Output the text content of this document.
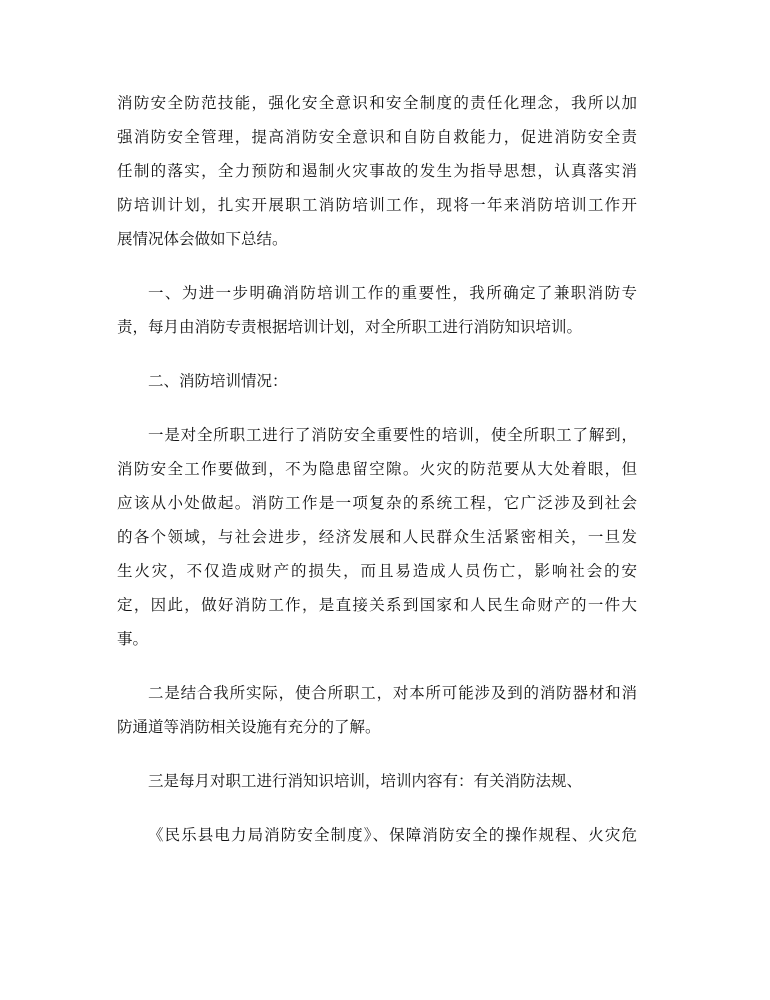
消防安全防范技能，强化安全意识和安全制度的责任化理念，我所以加
强消防安全管理，提高消防安全意识和自防自救能力，促进消防安全责
任制的落实，全力预防和遏制火灾事故的发生为指导思想，认真落实消
防培训计划，扎实开展职工消防培训工作，现将一年来消防培训工作开
展情况体会做如下总结。

一、为进一步明确消防培训工作的重要性，我所确定了兼职消防专
责，每月由消防专责根据培训计划，对全所职工进行消防知识培训。

二、消防培训情况：

一是对全所职工进行了消防安全重要性的培训，使全所职工了解到，
消防安全工作要做到，不为隐患留空隙。火灾的防范要从大处着眼，但
应该从小处做起。消防工作是一项复杂的系统工程，它广泛涉及到社会
的各个领域，与社会进步，经济发展和人民群众生活紧密相关，一旦发
生火灾，不仅造成财产的损失，而且易造成人员伤亡，影响社会的安
定，因此，做好消防工作，是直接关系到国家和人民生命财产的一件大
事。

二是结合我所实际，使合所职工，对本所可能涉及到的消防器材和消
防通道等消防相关设施有充分的了解。

三是每月对职工进行消知识培训，培训内容有：有关消防法规、

《民乐县电力局消防安全制度》、保障消防安全的操作规程、火灾危
